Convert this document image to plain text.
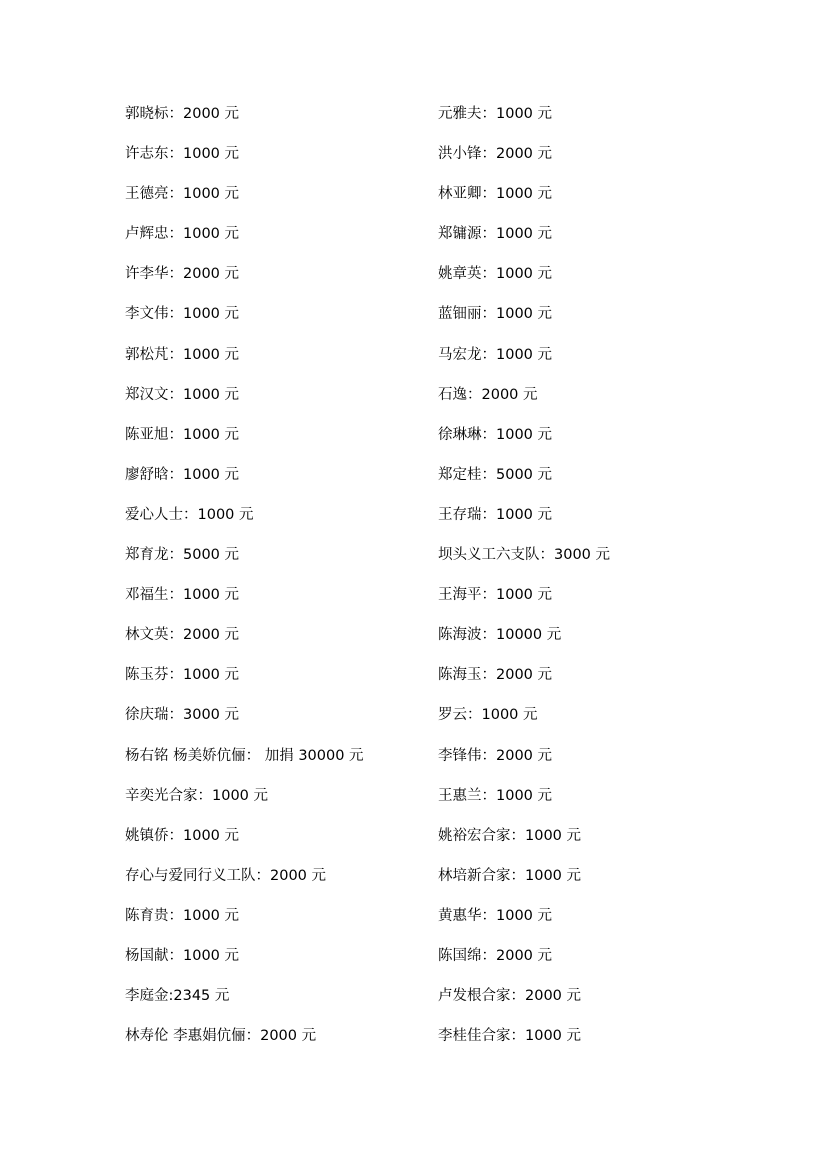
郭晓标：2000 元
许志东：1000 元
王德亮：1000 元
卢辉忠：1000 元
许李华：2000 元
李文伟：1000 元
郭松芃：1000 元
郑汉文：1000 元
陈亚旭：1000 元
廖舒晗：1000 元
爱心人士：1000 元
郑育龙：5000 元
邓福生：1000 元
林文英：2000 元
陈玉芬：1000 元
徐庆瑞：3000 元
杨右铭 杨美娇伉俪： 加捐 30000 元
辛奕光合家：1000 元
姚镇侨：1000 元
存心与爱同行义工队：2000 元
陈育贵：1000 元
杨国献：1000 元
李庭金:2345 元
林寿伦 李惠娟伉俪：2000 元
元雅夫：1000 元
洪小锋：2000 元
林亚卿：1000 元
郑镛源：1000 元
姚章英：1000 元
蓝钿丽：1000 元
马宏龙：1000 元
石逸：2000 元
徐琳琳：1000 元
郑定桂：5000 元
王存瑞：1000 元
坝头义工六支队：3000 元
王海平：1000 元
陈海波：10000 元
陈海玉：2000 元
罗云：1000 元
李锋伟：2000 元
王惠兰：1000 元
姚裕宏合家：1000 元
林培新合家：1000 元
黄惠华：1000 元
陈国绵：2000 元
卢发根合家：2000 元
李桂佳合家：1000 元
